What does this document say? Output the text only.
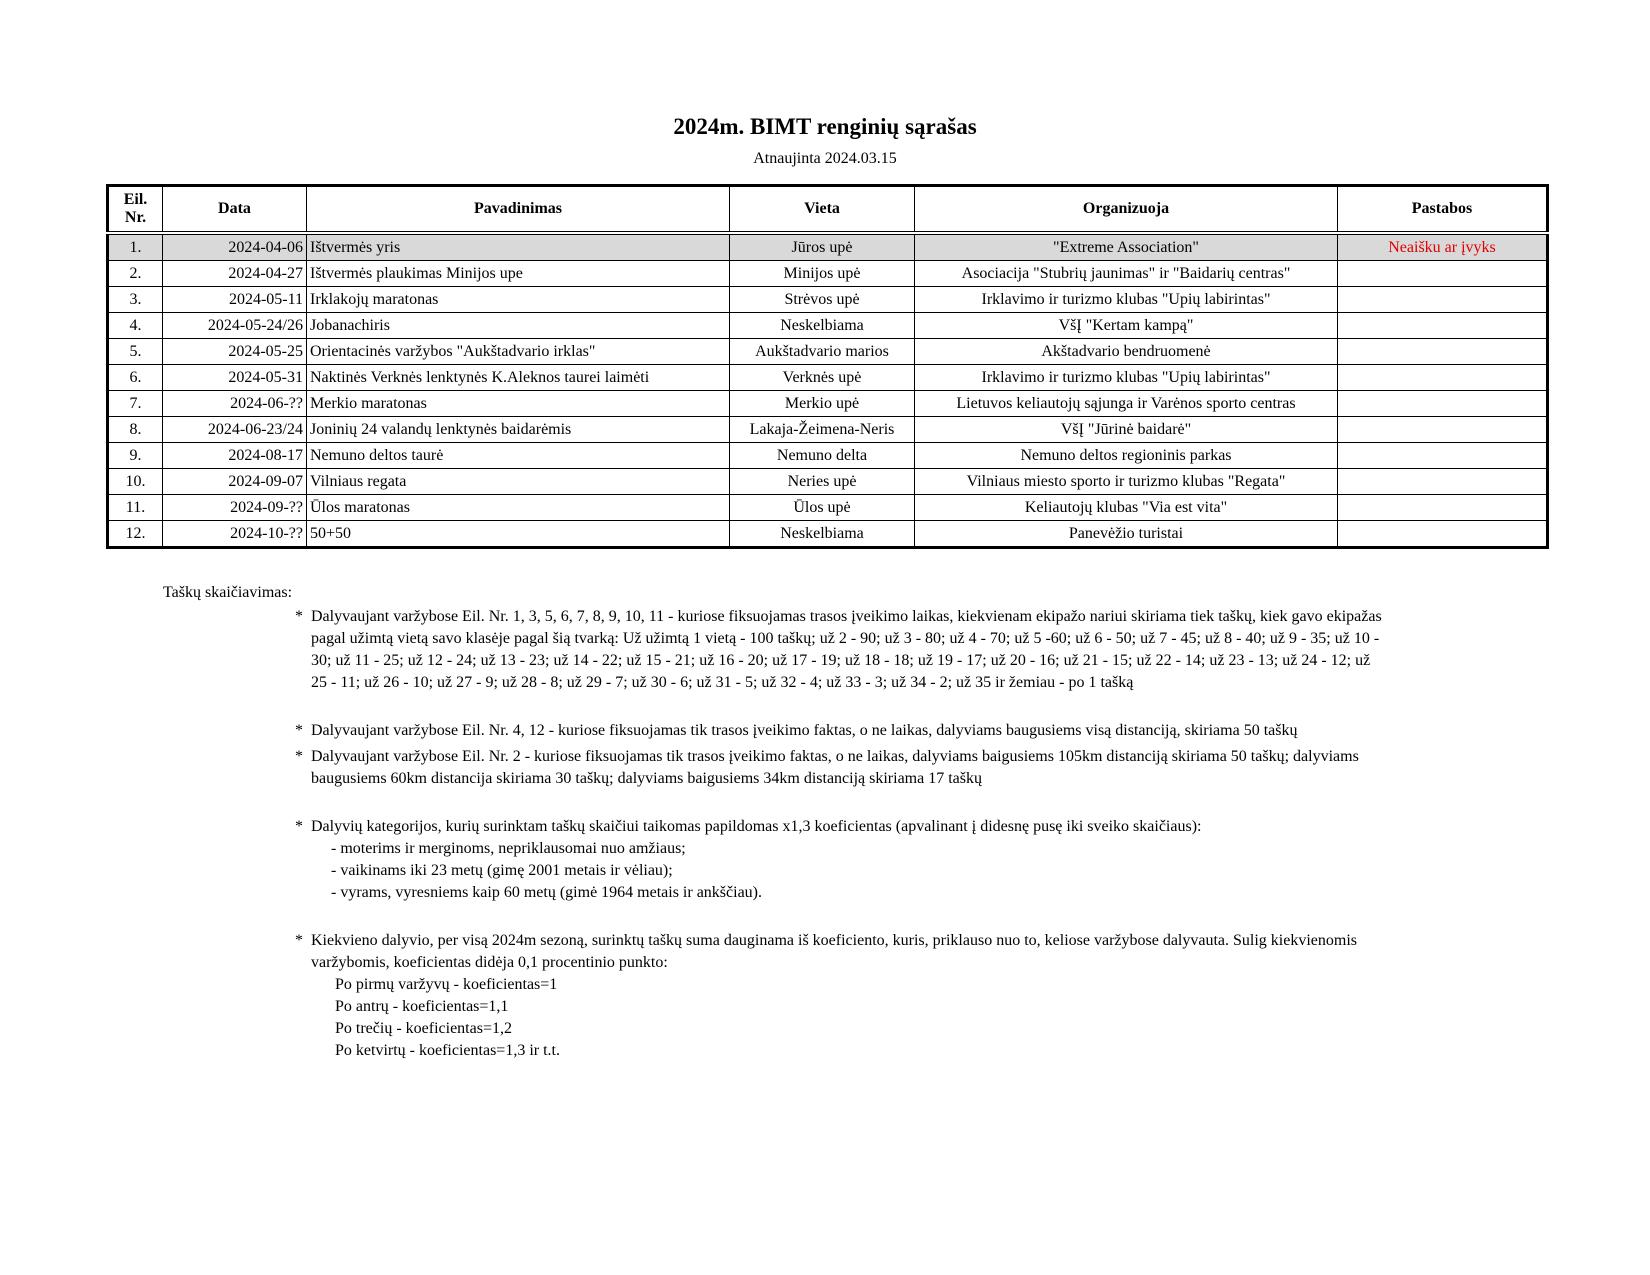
2024m. BIMT renginių sąrašas
Atnaujinta 2024.03.15
Eil. Nr.	Data	Pavadinimas	Vieta	Organizuoja	Pastabos
1.	2024-04-06	Ištvermės yris	Jūros upė	"Extreme Association"	Neaišku ar įvyks
2.	2024-04-27	Ištvermės plaukimas Minijos upe	Minijos upė	Asociacija "Stubrių jaunimas" ir "Baidarių centras"	
3.	2024-05-11	Irklakojų maratonas	Strėvos upė	Irklavimo ir turizmo klubas "Upių labirintas"	
4.	2024-05-24/26	Jobanachiris	Neskelbiama	VšĮ "Kertam kampą"	
5.	2024-05-25	Orientacinės varžybos "Aukštadvario irklas"	Aukštadvario marios	Akštadvario bendruomenė	
6.	2024-05-31	Naktinės Verknės lenktynės K.Aleknos taurei laimėti	Verknės upė	Irklavimo ir turizmo klubas "Upių labirintas"	
7.	2024-06-??	Merkio maratonas	Merkio upė	Lietuvos keliautojų sąjunga ir Varėnos sporto centras	
8.	2024-06-23/24	Joninių 24 valandų lenktynės baidarėmis	Lakaja-Žeimena-Neris	VšĮ "Jūrinė baidarė"	
9.	2024-08-17	Nemuno deltos taurė	Nemuno delta	Nemuno deltos regioninis parkas	
10.	2024-09-07	Vilniaus regata	Neries upė	Vilniaus miesto sporto ir turizmo klubas "Regata"	
11.	2024-09-??	Ūlos maratonas	Ūlos upė	Keliautojų klubas "Via est vita"	
12.	2024-10-??	50+50	Neskelbiama	Panevėžio turistai	
Taškų skaičiavimas:
* Dalyvaujant varžybose Eil. Nr. 1, 3, 5, 6, 7, 8, 9, 10, 11 - kuriose fiksuojamas trasos įveikimo laikas, kiekvienam ekipažo nariui skiriama tiek taškų, kiek gavo ekipažas
pagal užimtą vietą savo klasėje pagal šią tvarką: Už užimtą 1 vietą - 100 taškų; už 2 - 90; už 3 - 80; už 4 - 70; už 5 -60; už 6 - 50; už 7 - 45; už 8 - 40; už 9 - 35; už 10 -
30; už 11 - 25; už 12 - 24; už 13 - 23; už 14 - 22; už 15 - 21; už 16 - 20; už 17 - 19; už 18 - 18; už 19 - 17; už 20 - 16; už 21 - 15; už 22 - 14; už 23 - 13; už 24 - 12; už
25 - 11; už 26 - 10; už 27 - 9; už 28 - 8; už 29 - 7; už 30 - 6; už 31 - 5; už 32 - 4; už 33 - 3; už 34 - 2; už 35 ir žemiau - po 1 tašką
* Dalyvaujant varžybose Eil. Nr. 4, 12 - kuriose fiksuojamas tik trasos įveikimo faktas, o ne laikas, dalyviams baugusiems visą distanciją, skiriama 50 taškų
* Dalyvaujant varžybose Eil. Nr. 2 - kuriose fiksuojamas tik trasos įveikimo faktas, o ne laikas, dalyviams baigusiems 105km distanciją skiriama 50 taškų; dalyviams
baugusiems 60km distancija skiriama 30 taškų; dalyviams baigusiems 34km distanciją skiriama 17 taškų
* Dalyvių kategorijos, kurių surinktam taškų skaičiui taikomas papildomas x1,3 koeficientas (apvalinant į didesnę pusę iki sveiko skaičiaus):
- moterims ir merginoms, nepriklausomai nuo amžiaus;
- vaikinams iki 23 metų (gimę 2001 metais ir vėliau);
- vyrams, vyresniems kaip 60 metų (gimė 1964 metais ir ankščiau).
* Kiekvieno dalyvio, per visą 2024m sezoną, surinktų taškų suma dauginama iš koeficiento, kuris, priklauso nuo to, keliose varžybose dalyvauta. Sulig kiekvienomis
varžybomis, koeficientas didėja 0,1 procentinio punkto:
Po pirmų varžyvų - koeficientas=1
Po antrų - koeficientas=1,1
Po trečių - koeficientas=1,2
Po ketvirtų - koeficientas=1,3 ir t.t.
